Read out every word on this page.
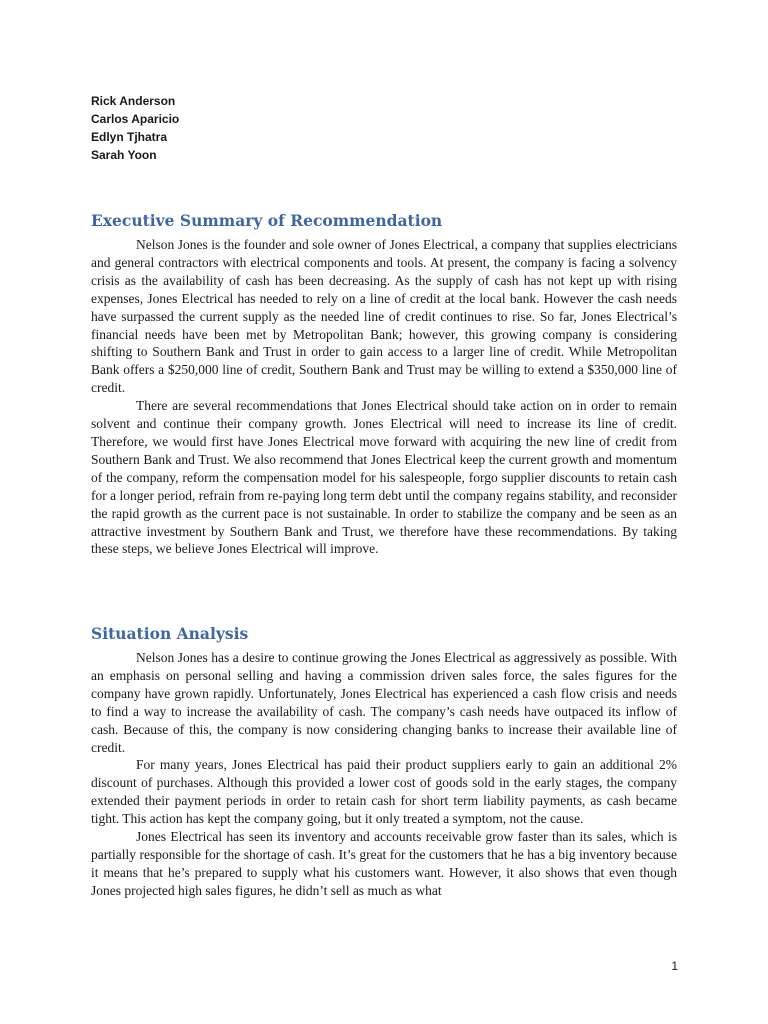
Rick Anderson
Carlos Aparicio
Edlyn Tjhatra
Sarah Yoon
Executive Summary of Recommendation

Nelson Jones is the founder and sole owner of Jones Electrical, a company that supplies electricians and general contractors with electrical components and tools. At present, the company is facing a solvency crisis as the availability of cash has been decreasing. As the supply of cash has not kept up with rising expenses, Jones Electrical has needed to rely on a line of credit at the local bank. However the cash needs have surpassed the current supply as the needed line of credit continues to rise. So far, Jones Electrical’s financial needs have been met by Metropolitan Bank; however, this growing company is considering shifting to Southern Bank and Trust in order to gain access to a larger line of credit. While Metropolitan Bank offers a $250,000 line of credit, Southern Bank and Trust may be willing to extend a $350,000 line of credit.

There are several recommendations that Jones Electrical should take action on in order to remain solvent and continue their company growth. Jones Electrical will need to increase its line of credit. Therefore, we would first have Jones Electrical move forward with acquiring the new line of credit from Southern Bank and Trust. We also recommend that Jones Electrical keep the current growth and momentum of the company, reform the compensation model for his salespeople, forgo supplier discounts to retain cash for a longer period, refrain from re-paying long term debt until the company regains stability, and reconsider the rapid growth as the current pace is not sustainable. In order to stabilize the company and be seen as an attractive investment by Southern Bank and Trust, we therefore have these recommendations. By taking these steps, we believe Jones Electrical will improve.

Situation Analysis

Nelson Jones has a desire to continue growing the Jones Electrical as aggressively as possible. With an emphasis on personal selling and having a commission driven sales force, the sales figures for the company have grown rapidly. Unfortunately, Jones Electrical has experienced a cash flow crisis and needs to find a way to increase the availability of cash. The company’s cash needs have outpaced its inflow of cash. Because of this, the company is now considering changing banks to increase their available line of credit.

For many years, Jones Electrical has paid their product suppliers early to gain an additional 2% discount of purchases. Although this provided a lower cost of goods sold in the early stages, the company extended their payment periods in order to retain cash for short term liability payments, as cash became tight. This action has kept the company going, but it only treated a symptom, not the cause.

Jones Electrical has seen its inventory and accounts receivable grow faster than its sales, which is partially responsible for the shortage of cash. It’s great for the customers that he has a big inventory because it means that he’s prepared to supply what his customers want. However, it also shows that even though Jones projected high sales figures, he didn’t sell as much as what

1
